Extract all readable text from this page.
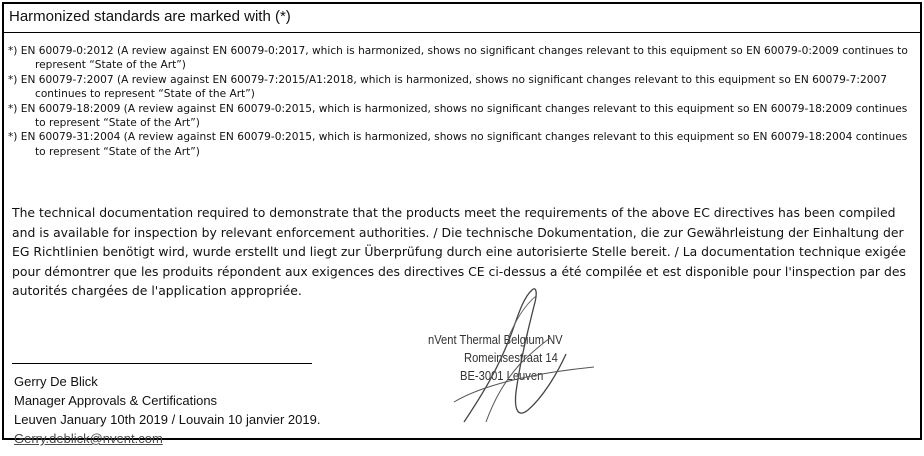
Harmonized standards are marked with (*)

*) EN 60079-0:2012 (A review against EN 60079-0:2017, which is harmonized, shows no significant changes relevant to this equipment so EN 60079-0:2009 continues to represent “State of the Art”)

*) EN 60079-7:2007 (A review against EN 60079-7:2015/A1:2018, which is harmonized, shows no significant changes relevant to this equipment so EN 60079-7:2007 continues to represent “State of the Art”)

*) EN 60079-18:2009 (A review against EN 60079-0:2015, which is harmonized, shows no significant changes relevant to this equipment so EN 60079-18:2009 continues to represent “State of the Art”)

*) EN 60079-31:2004 (A review against EN 60079-0:2015, which is harmonized, shows no significant changes relevant to this equipment so EN 60079-18:2004 continues to represent “State of the Art”)

The technical documentation required to demonstrate that the products meet the requirements of the above EC directives has been compiled and is available for inspection by relevant enforcement authorities. / Die technische Dokumentation, die zur Gewährleistung der Einhaltung der EG Richtlinien benötigt wird, wurde erstellt und liegt zur Überprüfung durch eine autorisierte Stelle bereit. / La documentation technique exigée pour démontrer que les produits répondent aux exigences des directives CE ci-dessus a été compilée et est disponible pour l'inspection par des autorités chargées de l'application appropriée.
Gerry De Blick
Manager Approvals & Certifications
Leuven January 10th 2019 / Louvain 10 janvier 2019.
Gerry.deblick@nvent.com
nVent Thermal Belgium NV
Romeinsestraat 14
BE-3001 Leuven
